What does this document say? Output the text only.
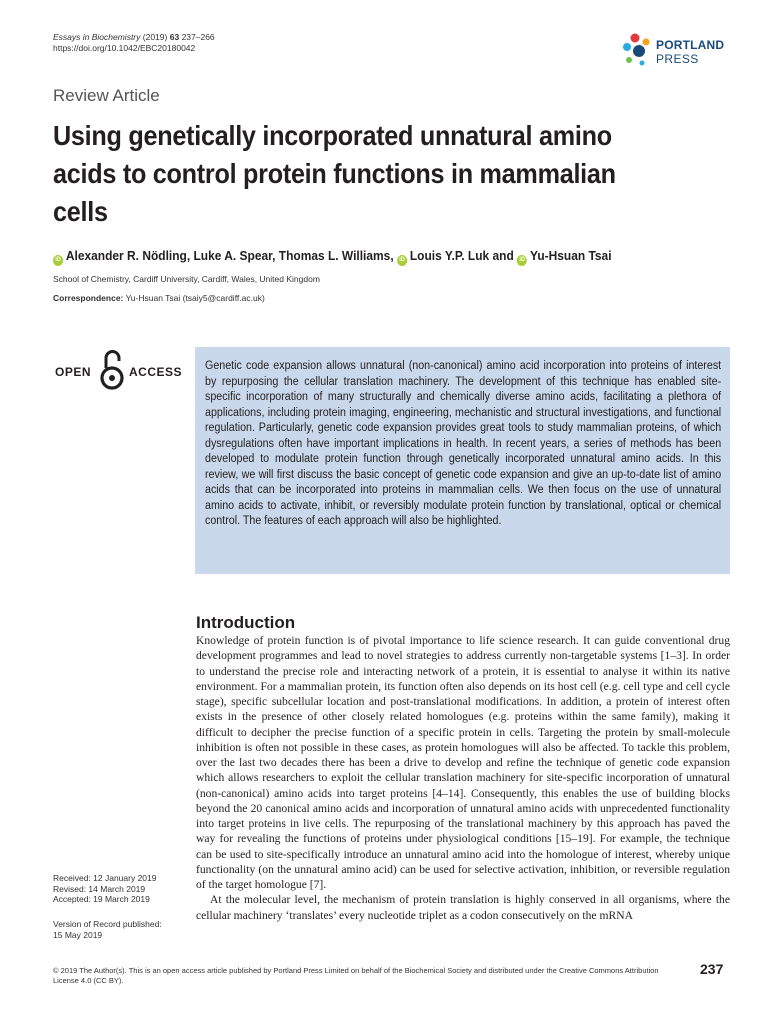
Essays in Biochemistry (2019) 63 237–266
https://doi.org/10.1042/EBC20180042	PORTLAND
PRESS
Review Article
Using genetically incorporated unnatural amino acids to control protein functions in mammalian cells
iD Alexander R. Nödling, Luke A. Spear, Thomas L. Williams, iD Louis Y.P. Luk and iD Yu-Hsuan Tsai
School of Chemistry, Cardiff University, Cardiff, Wales, United Kingdom
Correspondence: Yu-Hsuan Tsai (tsaiy5@cardiff.ac.uk)
OPEN	ACCESS Genetic code expansion allows unnatural (non-canonical) amino acid incorporation into proteins of interest by repurposing the cellular translation machinery. The development of this technique has enabled site-specific incorporation of many structurally and chemically diverse amino acids, facilitating a plethora of applications, including protein imaging, engineering, mechanistic and structural investigations, and functional regulation. Particularly, genetic code expansion provides great tools to study mammalian proteins, of which dysregulations often have important implications in health. In recent years, a series of methods has been developed to modulate protein function through genetically incorporated unnatural amino acids. In this review, we will first discuss the basic concept of genetic code expansion and give an up-to-date list of amino acids that can be incorporated into proteins in mammalian cells. We then focus on the use of unnatural amino acids to activate, inhibit, or reversibly modulate protein function by translational, optical or chemical control. The features of each approach will also be highlighted.

Introduction

Knowledge of protein function is of pivotal importance to life science research. It can guide conventional drug development programmes and lead to novel strategies to address currently non-targetable systems [1–3]. In order to understand the precise role and interacting network of a protein, it is essential to analyse it within its native environment. For a mammalian protein, its function often also depends on its host cell (e.g. cell type and cell cycle stage), specific subcellular location and post-translational modifications. In addition, a protein of interest often exists in the presence of other closely related homologues (e.g. proteins within the same family), making it difficult to decipher the precise function of a specific protein in cells. Targeting the protein by small-molecule inhibition is often not possible in these cases, as protein homologues will also be affected. To tackle this problem, over the last two decades there has been a drive to develop and refine the technique of genetic code expansion which allows researchers to exploit the cellular translation machinery for site-specific incorporation of unnatural (non-canonical) amino acids into target proteins [4–14]. Consequently, this enables the use of building blocks beyond the 20 canonical amino acids and incorporation of unnatural amino acids with unprecedented functionality into target proteins in live cells. The repurposing of the translational machinery by this approach has paved the way for revealing the functions of proteins under physiological conditions [15–19]. For example, the technique can be used to site-specifically introduce an unnatural amino acid into the homologue of interest, whereby unique functionality (on the unnatural amino acid) can be used for selective activation, inhibition, or reversible regulation of the target homologue [7].

At the molecular level, the mechanism of protein translation is highly conserved in all organisms, where the cellular machinery ‘translates’ every nucleotide triplet as a codon consecutively on the mRNA

Received: 12 January 2019
Revised: 14 March 2019
Accepted: 19 March 2019
Version of Record published:
15 May 2019
© 2019 The Author(s). This is an open access article published by Portland Press Limited on behalf of the Biochemical Society and distributed under the Creative Commons Attribution License 4.0 (CC BY).
237
